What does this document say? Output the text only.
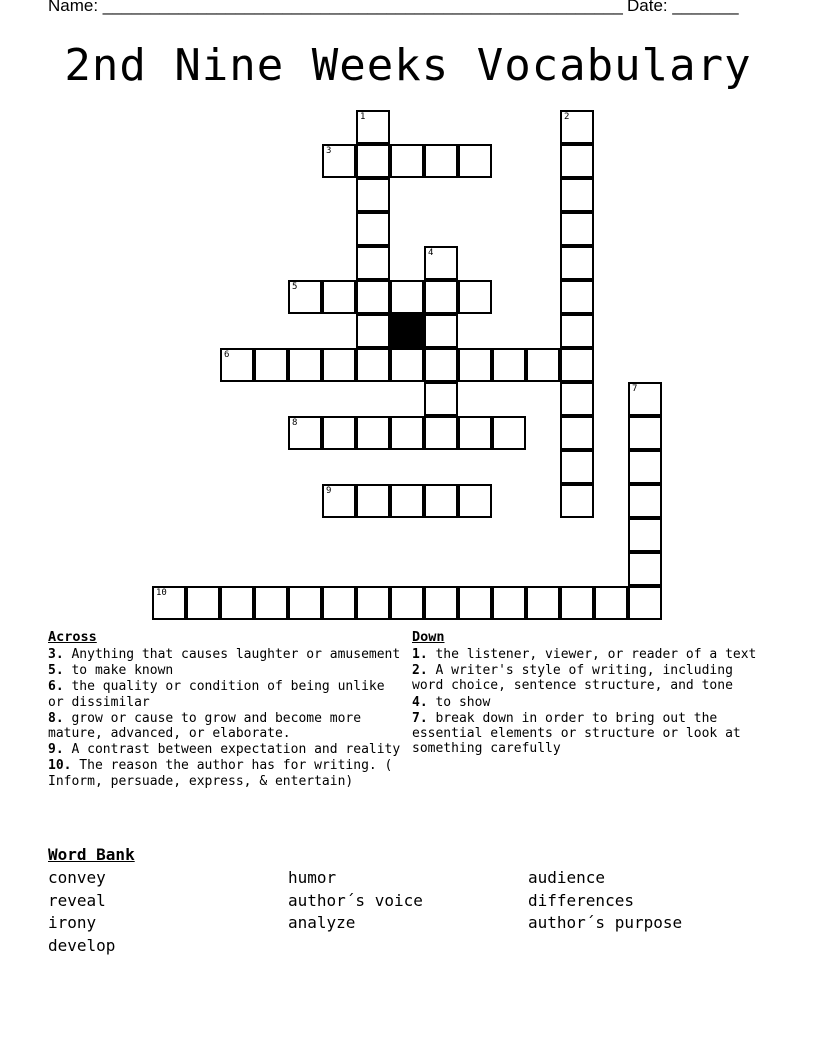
Name: _______________________________________________________ Date: _______
2nd Nine Weeks Vocabulary
1	2
3
4
5
6
7
8
9
10
Across
3. Anything that causes laughter or amusement
5. to make known
6. the quality or condition of being unlike or dissimilar
8. grow or cause to grow and become more mature, advanced, or elaborate.
9. A contrast between expectation and reality
10. The reason the author has for writing. ( Inform, persuade, express, & entertain)
Down
1. the listener, viewer, or reader of a text
2. A writer's style of writing, including word choice, sentence structure, and tone
4. to show
7. break down in order to bring out the essential elements or structure or look at something carefully
Word Bank
convey	humor	audience
reveal	author´s voice	differences
irony	analyze	author´s purpose
develop
